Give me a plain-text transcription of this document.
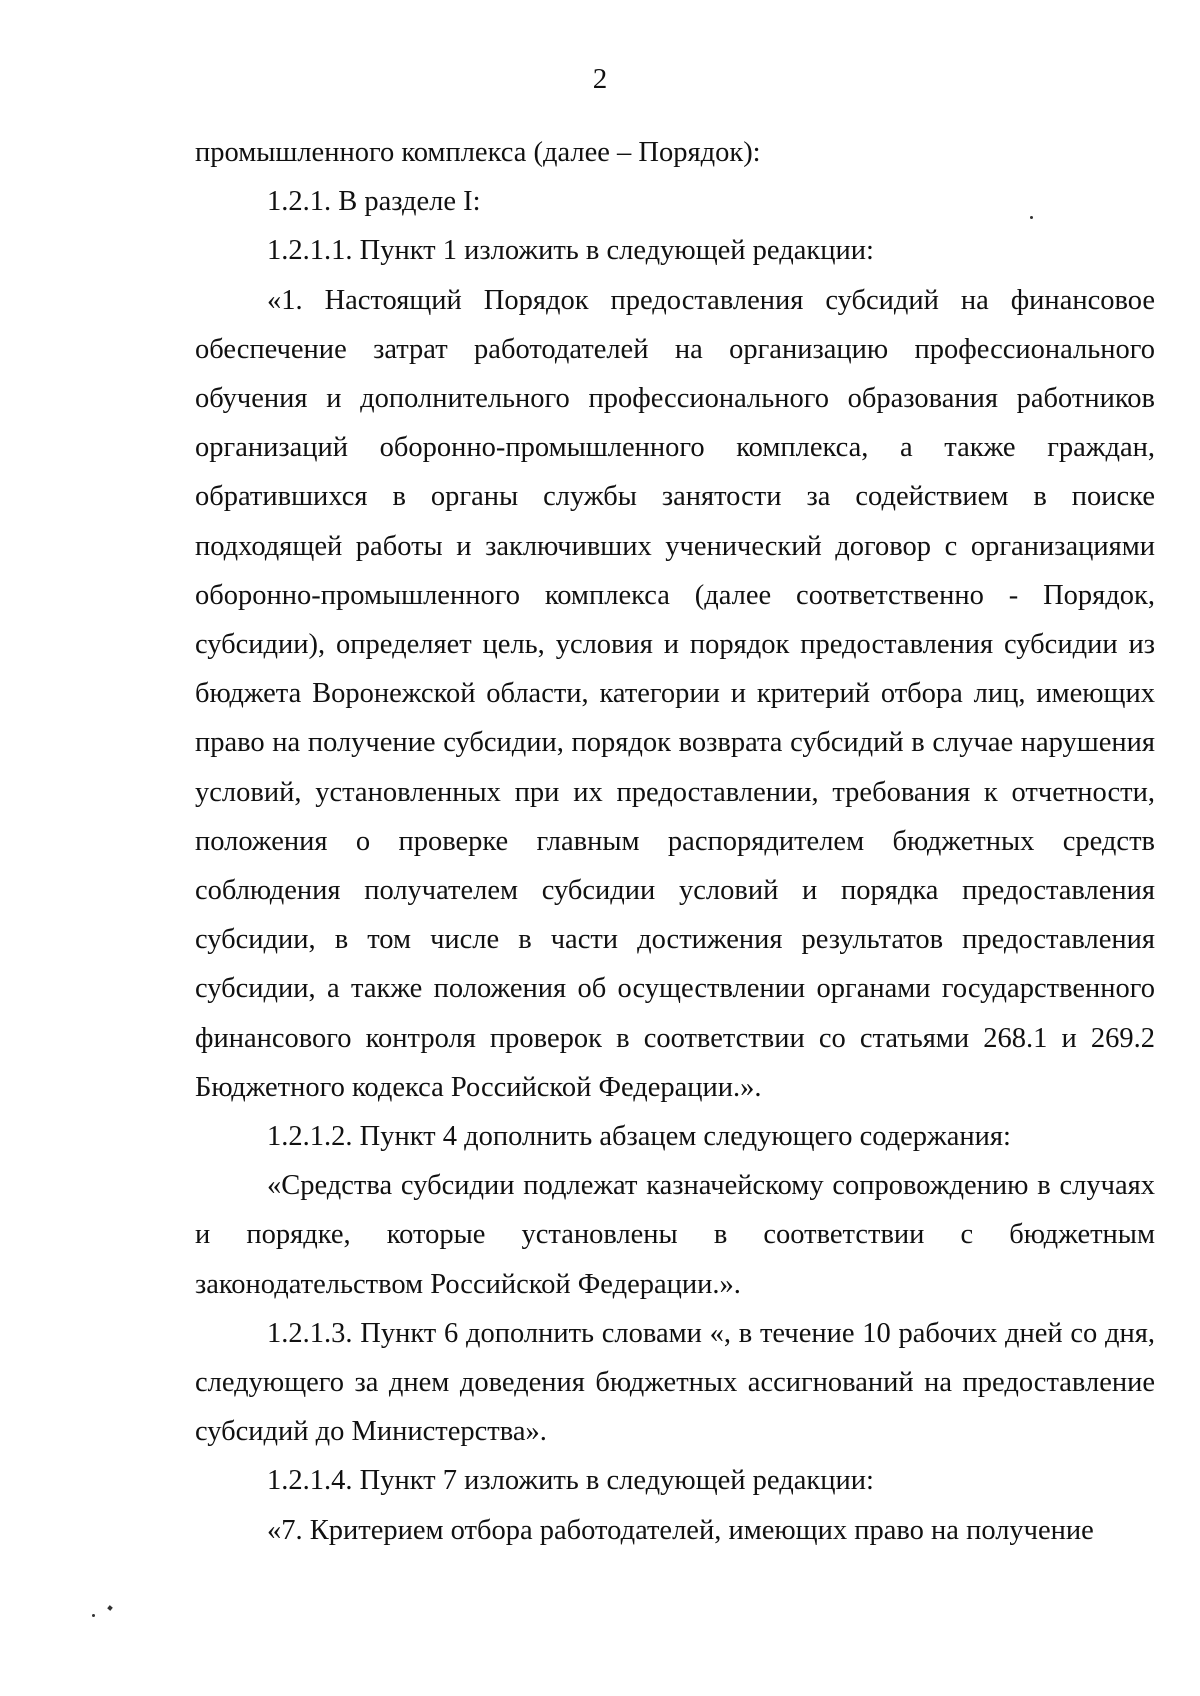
2

промышленного комплекса (далее – Порядок):

1.2.1. В разделе I:

1.2.1.1. Пункт 1 изложить в следующей редакции:

«1. Настоящий Порядок предоставления субсидий на финансовое обеспечение затрат работодателей на организацию профессионального обучения и дополнительного профессионального образования работников организаций оборонно-промышленного комплекса, а также граждан, обратившихся в органы службы занятости за содействием в поиске подходящей работы и заключивших ученический договор с организациями оборонно-промышленного комплекса (далее соответственно - Порядок, субсидии), определяет цель, условия и порядок предоставления субсидии из бюджета Воронежской области, категории и критерий отбора лиц, имеющих право на получение субсидии, порядок возврата субсидий в случае нарушения условий, установленных при их предоставлении, требования к отчетности, положения о проверке главным распорядителем бюджетных средств соблюдения получателем субсидии условий и порядка предоставления субсидии, в том числе в части достижения результатов предоставления субсидии, а также положения об осуществлении органами государственного финансового контроля проверок в соответствии со статьями 268.1 и 269.2 Бюджетного кодекса Российской Федерации.».

1.2.1.2. Пункт 4 дополнить абзацем следующего содержания:

«Средства субсидии подлежат казначейскому сопровождению в случаях и порядке, которые установлены в соответствии с бюджетным законодательством Российской Федерации.».

1.2.1.3. Пункт 6 дополнить словами «, в течение 10 рабочих дней со дня, следующего за днем доведения бюджетных ассигнований на предоставление субсидий до Министерства».

1.2.1.4. Пункт 7 изложить в следующей редакции:

«7. Критерием отбора работодателей, имеющих право на получение
